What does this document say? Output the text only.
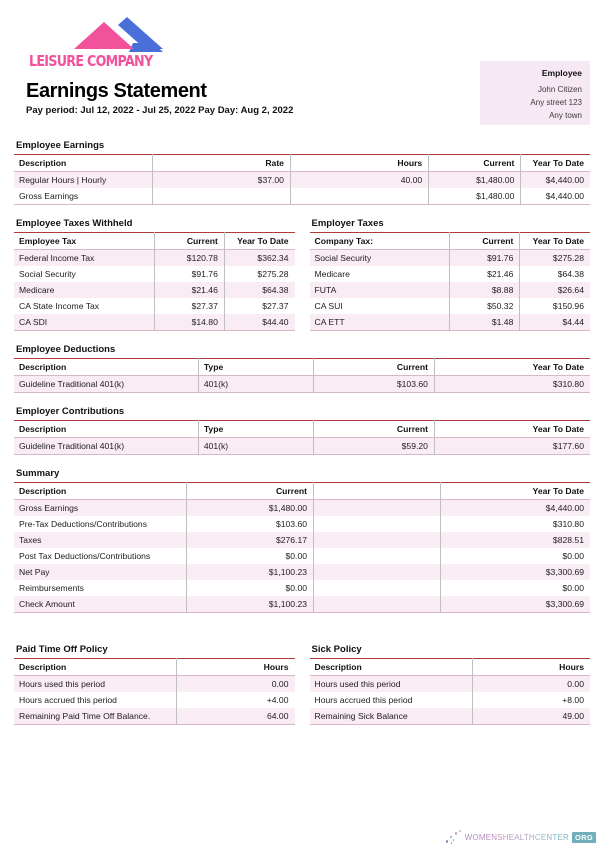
LEISURE COMPANY
Earnings Statement
Pay period: Jul 12, 2022 - Jul 25, 2022 Pay Day: Aug 2, 2022
Employee
John Citizen
Any street 123
Any town
Employee Earnings
Description	Rate	Hours	Current	Year To Date
Regular Hours | Hourly	$37.00	40.00	$1,480.00	$4,440.00
Gross Earnings			$1,480.00	$4,440.00
Employee Taxes Withheld
Employee Tax	Current	Year To Date
Federal Income Tax	$120.78	$362.34
Social Security	$91.76	$275.28
Medicare	$21.46	$64.38
CA State Income Tax	$27.37	$27.37
CA SDI	$14.80	$44.40
Employer Taxes
Company Tax:	Current	Year To Date
Social Security	$91.76	$275.28
Medicare	$21.46	$64.38
FUTA	$8.88	$26.64
CA SUI	$50.32	$150.96
CA ETT	$1.48	$4.44
Employee Deductions
Description	Type	Current	Year To Date
Guideline Traditional 401(k)	401(k)	$103.60	$310.80
Employer Contributions
Description	Type	Current	Year To Date
Guideline Traditional 401(k)	401(k)	$59.20	$177.60
Summary
Description	Current		Year To Date
Gross Earnings	$1,480.00		$4,440.00
Pre-Tax Deductions/Contributions	$103.60		$310.80
Taxes	$276.17		$828.51
Post Tax Deductions/Contributions	$0.00		$0.00
Net Pay	$1,100.23		$3,300.69
Reimbursements	$0.00		$0.00
Check Amount	$1,100.23		$3,300.69
Paid Time Off Policy
Description	Hours
Hours used this period	0.00
Hours accrued this period	+4.00
Remaining Paid Time Off Balance.	64.00
Sick Policy
Description	Hours
Hours used this period	0.00
Hours accrued this period	+8.00
Remaining Sick Balance	49.00
WOMENSHEALTHCENTER ORG
